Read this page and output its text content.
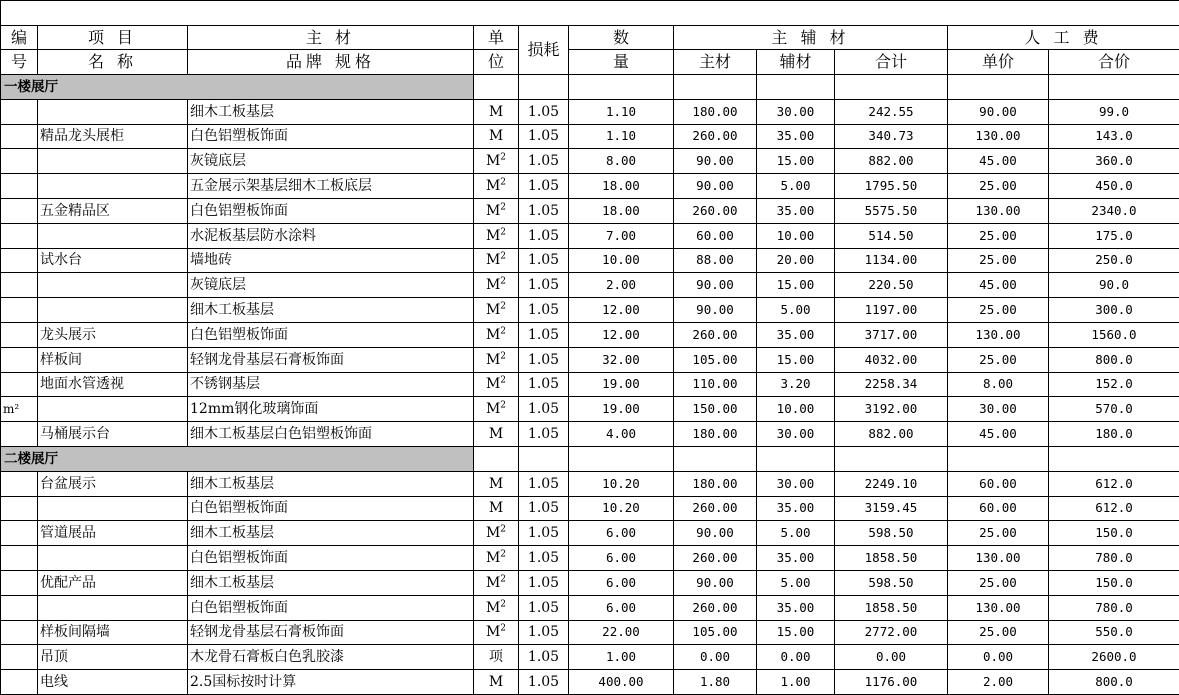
编	项 目	主 材	单	损耗	数	主 辅 材			人 工 费	
号	名 称	品牌 规格	位		量	主材	辅材	合计	单价	合价
一楼展厅										
		细木工板基层	M	1.05	1.10	180.00	30.00	242.55	90.00	99.0
	精品龙头展柜	白色铝塑板饰面	M	1.05	1.10	260.00	35.00	340.73	130.00	143.0
		灰镜底层	$M^2$	1.05	8.00	90.00	15.00	882.00	45.00	360.0
		五金展示架基层细木工板底层	$M^2$	1.05	18.00	90.00	5.00	1795.50	25.00	450.0
	五金精品区	白色铝塑板饰面	$M^2$	1.05	18.00	260.00	35.00	5575.50	130.00	2340.0
		水泥板基层防水涂料	$M^2$	1.05	7.00	60.00	10.00	514.50	25.00	175.0
	试水台	墙地砖	$M^2$	1.05	10.00	88.00	20.00	1134.00	25.00	250.0
		灰镜底层	$M^2$	1.05	2.00	90.00	15.00	220.50	45.00	90.0
		细木工板基层	$M^2$	1.05	12.00	90.00	5.00	1197.00	25.00	300.0
	龙头展示	白色铝塑板饰面	$M^2$	1.05	12.00	260.00	35.00	3717.00	130.00	1560.0
	样板间	轻钢龙骨基层石膏板饰面	$M^2$	1.05	32.00	105.00	15.00	4032.00	25.00	800.0
	地面水管透视	不锈钢基层	$M^2$	1.05	19.00	110.00	3.20	2258.34	8.00	152.0
m²		12mm钢化玻璃饰面	$M^2$	1.05	19.00	150.00	10.00	3192.00	30.00	570.0
	马桶展示台	细木工板基层白色铝塑板饰面	M	1.05	4.00	180.00	30.00	882.00	45.00	180.0
二楼展厅										
	台盆展示	细木工板基层	M	1.05	10.20	180.00	30.00	2249.10	60.00	612.0
		白色铝塑板饰面	M	1.05	10.20	260.00	35.00	3159.45	60.00	612.0
	管道展品	细木工板基层	$M^2$	1.05	6.00	90.00	5.00	598.50	25.00	150.0
		白色铝塑板饰面	$M^2$	1.05	6.00	260.00	35.00	1858.50	130.00	780.0
	优配产品	细木工板基层	$M^2$	1.05	6.00	90.00	5.00	598.50	25.00	150.0
		白色铝塑板饰面	$M^2$	1.05	6.00	260.00	35.00	1858.50	130.00	780.0
	样板间隔墙	轻钢龙骨基层石膏板饰面	$M^2$	1.05	22.00	105.00	15.00	2772.00	25.00	550.0
	吊顶	木龙骨石膏板白色乳胶漆	项	1.05	1.00	0.00	0.00	0.00	0.00	2600.0
	电线	2.5国标按时计算	M	1.05	400.00	1.80	1.00	1176.00	2.00	800.0
